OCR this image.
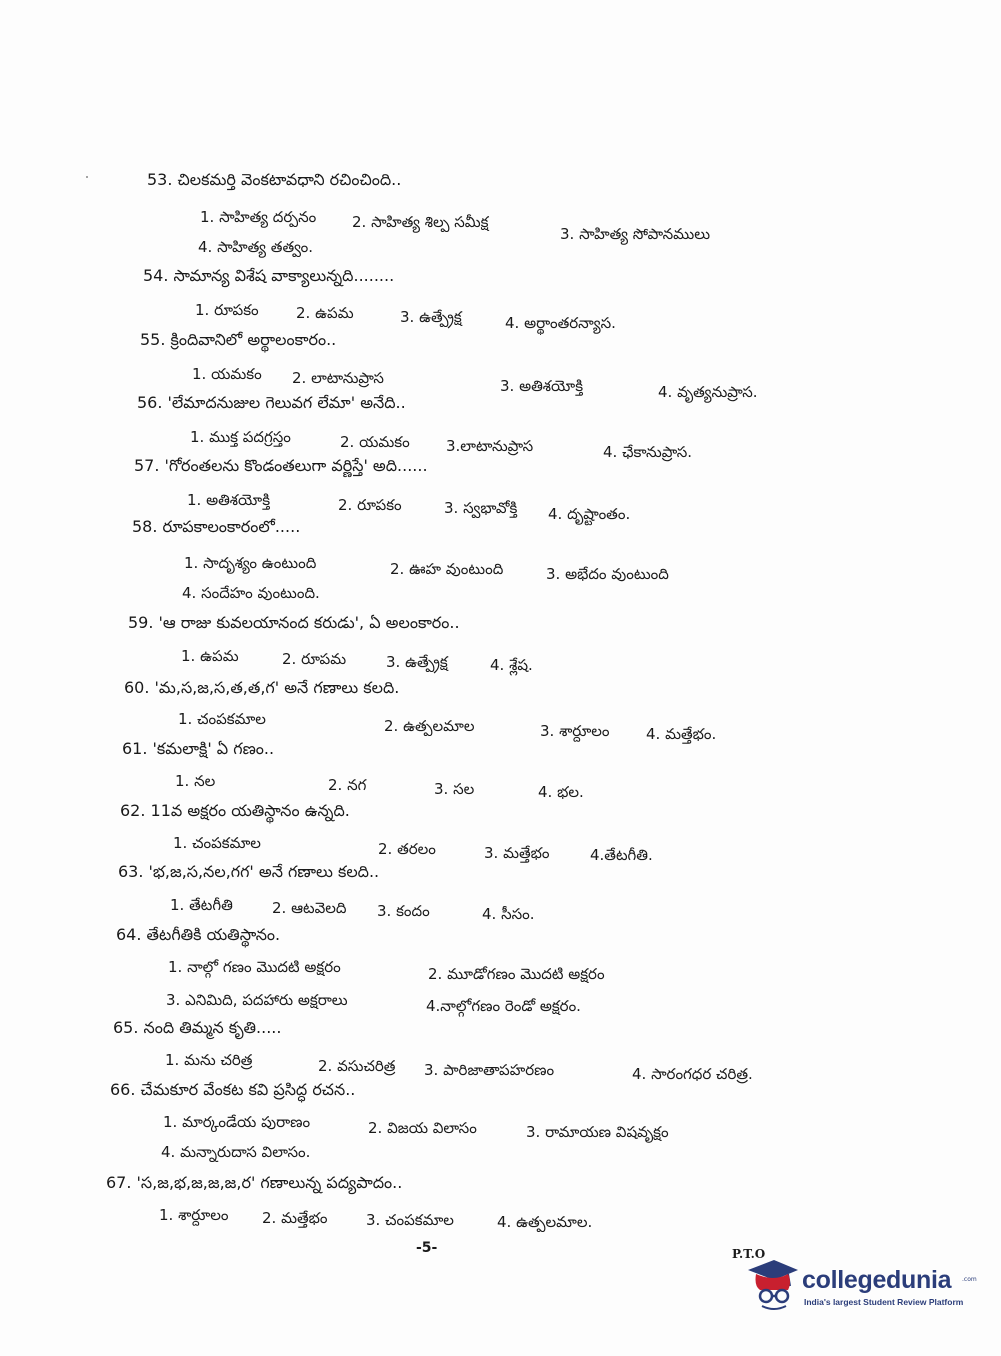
53. చిలకమర్తి వెంకటావధాని రచించింది..
1. సాహిత్య దర్పనం 2. సాహిత్య శిల్ప సమీక్ష
3. సాహిత్య సోపానములు
4. సాహిత్య తత్వం.
54. సామాన్య విశేష వాక్యాలున్నది........
1. రూపకం 2. ఉపమ	3. ఉత్ప్రేక్ష	4. అర్థాంతరన్యాస.
55. క్రిందివానిలో అర్థాలంకారం..
1. యమకం 2. లాటానుప్రాస	3. అతిశయోక్తి	4. వృత్యనుప్రాస.
56. 'లేమాదనుజుల గెలువగ లేమా' అనేది..
1. ముక్త పదగ్రస్తం	2. యమకం 3.లాటానుప్రాస	4. ఛేకానుప్రాస.
57. 'గోరంతలను కొండంతలుగా వర్ణిస్తే' అది......
1. అతిశయోక్తి	2. రూపకం	3. స్వభావోక్తి 4. దృష్టాంతం.
58. రూపకాలంకారంలో.....
1. సాదృశ్యం ఉంటుంది	2. ఊహ వుంటుంది	3. అభేదం వుంటుంది
4. సందేహం వుంటుంది.
59. 'ఆ రాజు కువలయానంద కరుడు', ఏ అలంకారం..
1. ఉపమ	2. రూపమ	3. ఉత్ప్రేక్ష	4. శ్లేష.
60. 'మ,స,జ,స,త,త,గ' అనే గణాలు కలది.
1. చంపకమాల	2. ఉత్పలమాల	3. శార్దూలం 4. మత్తేభం.
61. 'కమలాక్షి' ఏ గణం..
1. నల	2. నగ	3. సల	4. భల.
62. 11వ అక్షరం యతిస్థానం ఉన్నది.
1. చంపకమాల	2. తరలం	3. మత్తేభం	4.తేటగీతి.
63. 'భ,జ,స,నల,గగ' అనే గణాలు కలది..
1. తేటగీతి	2. ఆటవెలది 3. కందం	4. సీసం.
64. తేటగీతికి యతిస్థానం.
1. నాల్గో గణం మొదటి అక్షరం	2. మూడోగణం మొదటి అక్షరం
3. ఎనిమిది, పదహారు అక్షరాలు	4.నాల్గోగణం రెండో అక్షరం.
65. నంది తిమ్మన కృతి.....
1. మను చరిత్ర	2. వసుచరిత్ర 3. పారిజాతాపహరణం	4. సారంగధర చరిత్ర.
66. చేమకూర వేంకట కవి ప్రసిద్ధ రచన..
1. మార్కండేయ పురాణం	2. విజయ విలాసం	3. రామాయణ విషవృక్షం
4. మన్నారుదాస విలాసం.
67. 'స,జ,భ,జ,జ,జ,ర' గణాలున్న పద్యపాదం..
1. శార్దూలం 2. మత్తేభం	3. చంపకమాల	4. ఉత్పలమాల.
-5-	P.T.O
collegedunia .com
India's largest Student Review Platform
